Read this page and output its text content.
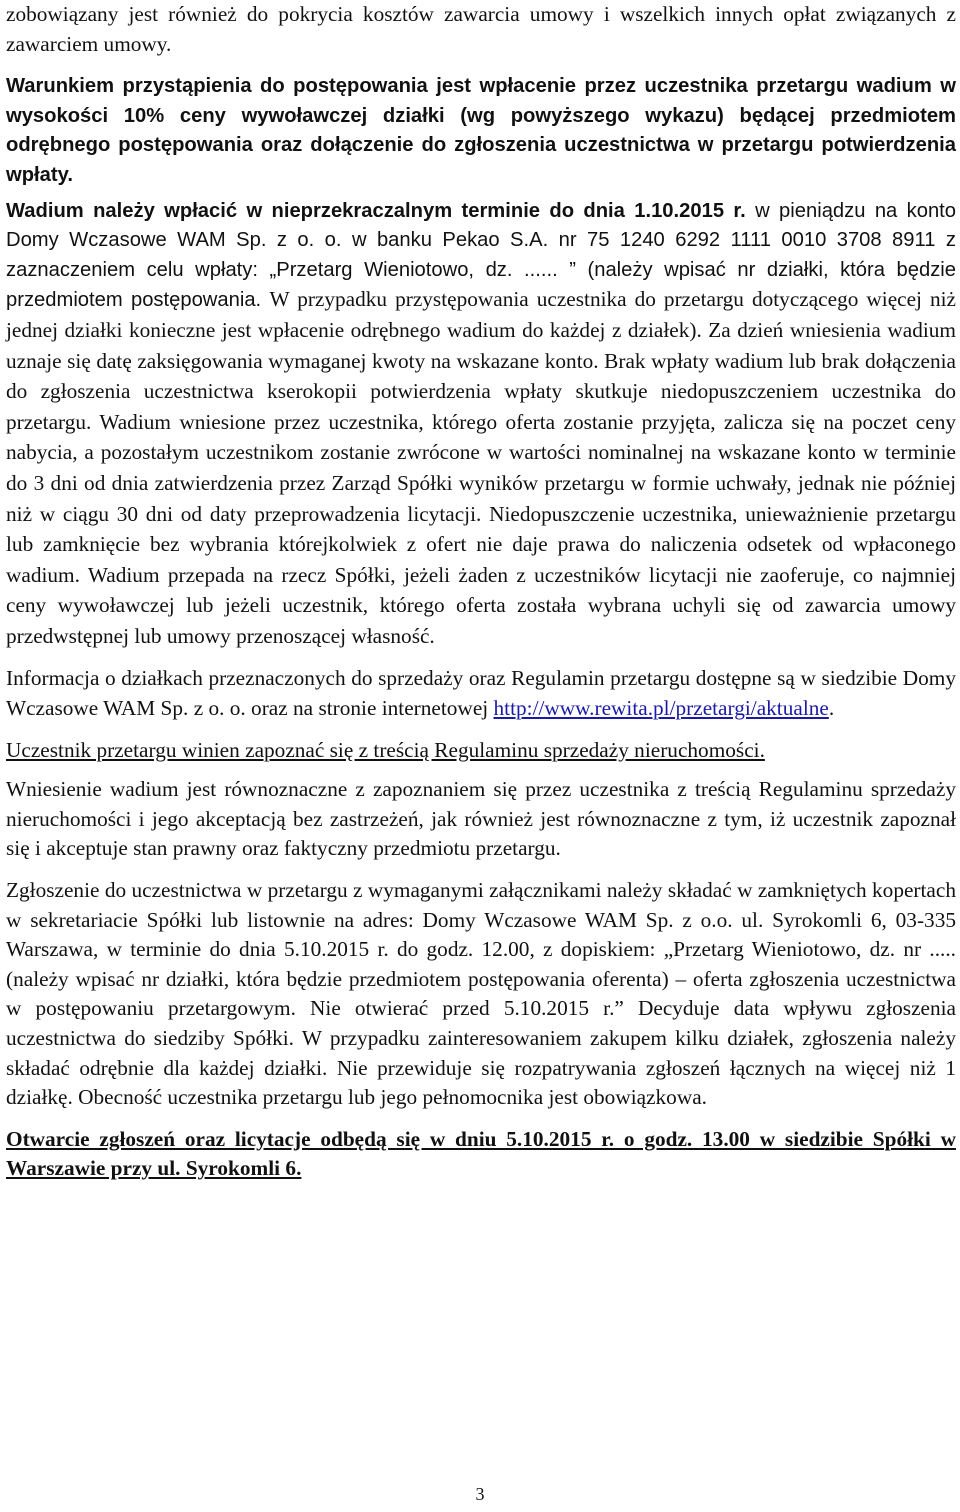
zobowiązany jest również do pokrycia kosztów zawarcia umowy i wszelkich innych opłat związanych z zawarciem umowy.

Warunkiem przystąpienia do postępowania jest wpłacenie przez uczestnika przetargu wadium w wysokości 10% ceny wywoławczej działki (wg powyższego wykazu) będącej przedmiotem odrębnego postępowania oraz dołączenie do zgłoszenia uczestnictwa w przetargu potwierdzenia wpłaty.

Wadium należy wpłacić w nieprzekraczalnym terminie do dnia 1.10.2015 r. w pieniądzu na konto Domy Wczasowe WAM Sp. z o. o. w banku Pekao S.A. nr 75 1240 6292 1111 0010 3708 8911 z zaznaczeniem celu wpłaty: „Przetarg Wieniotowo, dz. ...... ” (należy wpisać nr działki, która będzie przedmiotem postępowania. W przypadku przystępowania uczestnika do przetargu dotyczącego więcej niż jednej działki konieczne jest wpłacenie odrębnego wadium do każdej z działek). Za dzień wniesienia wadium uznaje się datę zaksięgowania wymaganej kwoty na wskazane konto. Brak wpłaty wadium lub brak dołączenia do zgłoszenia uczestnictwa kserokopii potwierdzenia wpłaty skutkuje niedopuszczeniem uczestnika do przetargu. Wadium wniesione przez uczestnika, którego oferta zostanie przyjęta, zalicza się na poczet ceny nabycia, a pozostałym uczestnikom zostanie zwrócone w wartości nominalnej na wskazane konto w terminie do 3 dni od dnia zatwierdzenia przez Zarząd Spółki wyników przetargu w formie uchwały, jednak nie później niż w ciągu 30 dni od daty przeprowadzenia licytacji. Niedopuszczenie uczestnika, unieważnienie przetargu lub zamknięcie bez wybrania którejkolwiek z ofert nie daje prawa do naliczenia odsetek od wpłaconego wadium. Wadium przepada na rzecz Spółki, jeżeli żaden z uczestników licytacji nie zaoferuje, co najmniej ceny wywoławczej lub jeżeli uczestnik, którego oferta została wybrana uchyli się od zawarcia umowy przedwstępnej lub umowy przenoszącej własność.

Informacja o działkach przeznaczonych do sprzedaży oraz Regulamin przetargu dostępne są w siedzibie Domy Wczasowe WAM Sp. z o. o. oraz na stronie internetowej http://www.rewita.pl/przetargi/aktualne.

Uczestnik przetargu winien zapoznać się z treścią Regulaminu sprzedaży nieruchomości.

Wniesienie wadium jest równoznaczne z zapoznaniem się przez uczestnika z treścią Regulaminu sprzedaży nieruchomości i jego akceptacją bez zastrzeżeń, jak również jest równoznaczne z tym, iż uczestnik zapoznał się i akceptuje stan prawny oraz faktyczny przedmiotu przetargu.

Zgłoszenie do uczestnictwa w przetargu z wymaganymi załącznikami należy składać w zamkniętych kopertach w sekretariacie Spółki lub listownie na adres: Domy Wczasowe WAM Sp. z o.o. ul. Syrokomli 6, 03-335 Warszawa, w terminie do dnia 5.10.2015 r. do godz. 12.00, z dopiskiem: „Przetarg Wieniotowo, dz. nr ..... (należy wpisać nr działki, która będzie przedmiotem postępowania oferenta) – oferta zgłoszenia uczestnictwa w postępowaniu przetargowym. Nie otwierać przed 5.10.2015 r.” Decyduje data wpływu zgłoszenia uczestnictwa do siedziby Spółki. W przypadku zainteresowaniem zakupem kilku działek, zgłoszenia należy składać odrębnie dla każdej działki. Nie przewiduje się rozpatrywania zgłoszeń łącznych na więcej niż 1 działkę. Obecność uczestnika przetargu lub jego pełnomocnika jest obowiązkowa.

Otwarcie zgłoszeń oraz licytacje odbędą się w dniu 5.10.2015 r. o godz. 13.00 w siedzibie Spółki w Warszawie przy ul. Syrokomli 6.

3
